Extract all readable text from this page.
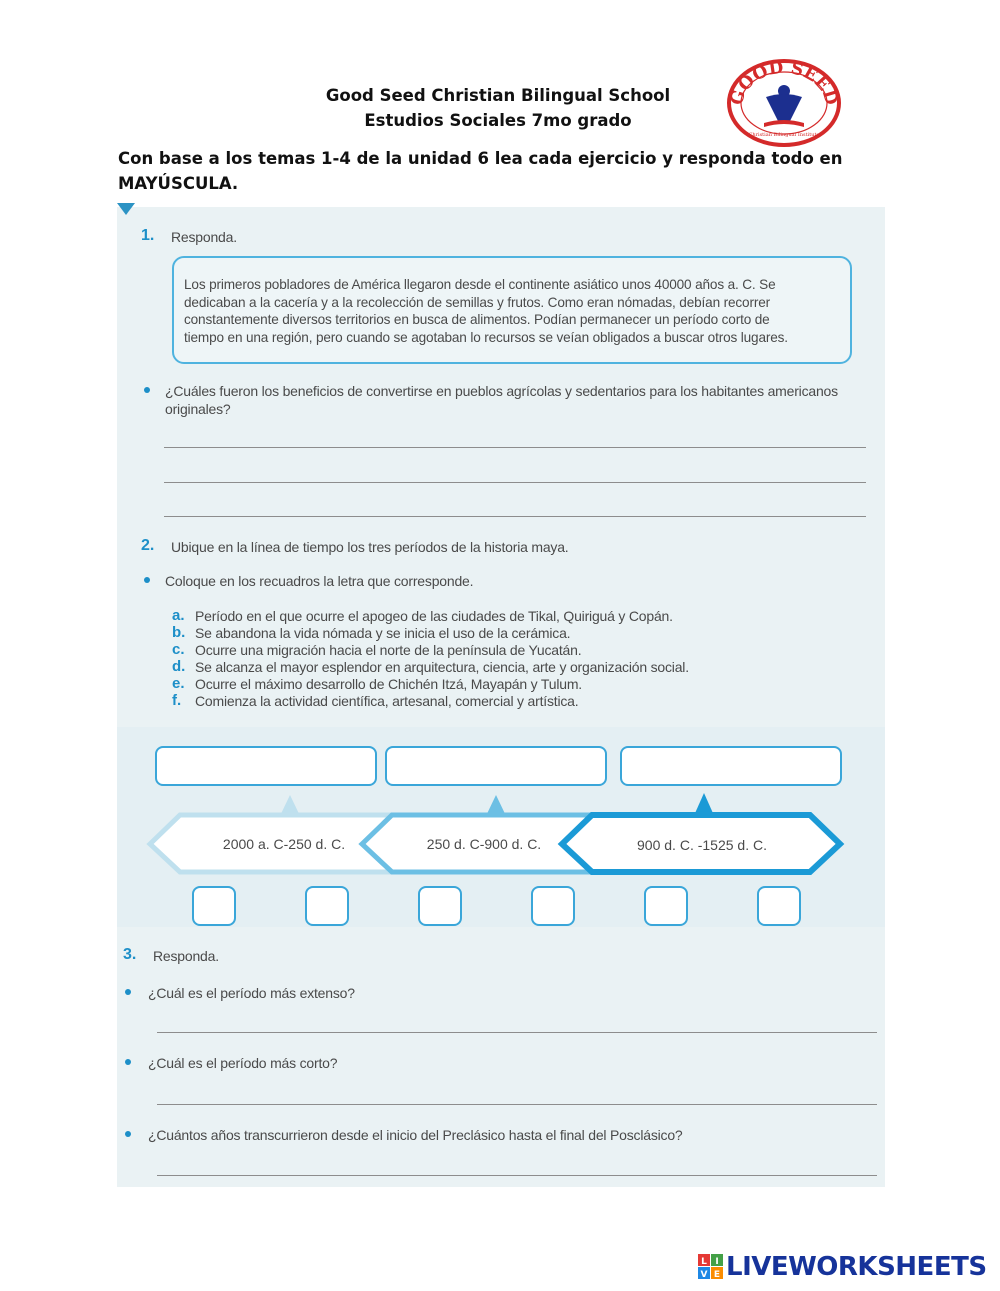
Good Seed Christian Bilingual School
Estudios Sociales 7mo grado
GOOD SEED
Christian Bilingual Institute
Con base a los temas 1-4 de la unidad 6 lea cada ejercicio y responda todo en MAYÚSCULA.
1. Responda.

Los primeros pobladores de América llegaron desde el continente asiático unos 40000 años a. C. Se

dedicaban a la cacería y a la recolección de semillas y frutos. Como eran nómadas, debían recorrer

constantemente diversos territorios en busca de alimentos. Podían permanecer un período corto de

tiempo en una región, pero cuando se agotaban lo recursos se veían obligados a buscar otros lugares.

¿Cuáles fueron los beneficios de convertirse en pueblos agrícolas y sedentarios para los habitantes americanos
originales?
2. Ubique en la línea de tiempo los tres períodos de la historia maya.
Coloque en los recuadros la letra que corresponde.
a. Período en el que ocurre el apogeo de las ciudades de Tikal, Quiriguá y Copán.
b. Se abandona la vida nómada y se inicia el uso de la cerámica.
c. Ocurre una migración hacia el norte de la península de Yucatán.
d. Se alcanza el mayor esplendor en arquitectura, ciencia, arte y organización social.
e. Ocurre el máximo desarrollo de Chichén Itzá, Mayapán y Tulum.
f. Comienza la actividad científica, artesanal, comercial y artística.
2000 a. C-250 d. C.	250 d. C-900 d. C.	900 d. C. -1525 d. C.
3. Responda.
¿Cuál es el período más extenso?
¿Cuál es el período más corto?
¿Cuántos años transcurrieron desde el inicio del Preclásico hasta el final del Posclásico?
L I
V E LIVEWORKSHEETS
